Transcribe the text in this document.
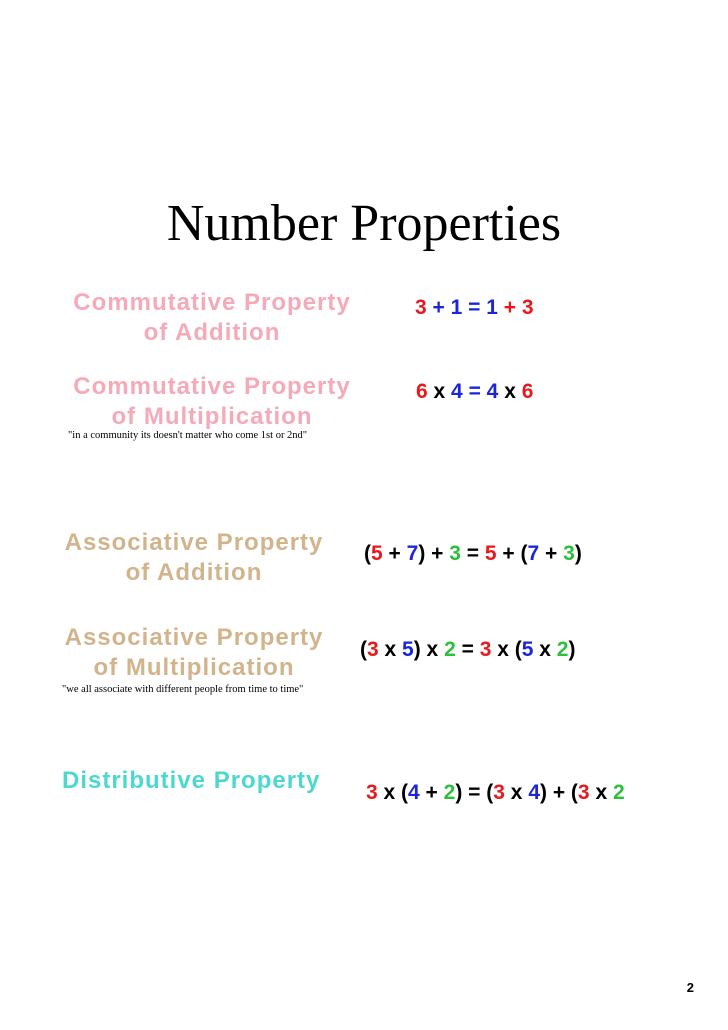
Number Properties
Commutative Property
of Addition
3 + 1 = 1 + 3
Commutative Property
of Multiplication
"in a community its doesn't matter who come 1st or 2nd"
6 x 4 = 4 x 6
Associative Property
of Addition
(5 + 7) + 3 = 5 + (7 + 3)
Associative Property
of Multiplication
"we all associate with different people from time to time"
(3 x 5) x 2 = 3 x (5 x 2)
Distributive Property	3 x (4 + 2) = (3 x 4) + (3 x 2
2
